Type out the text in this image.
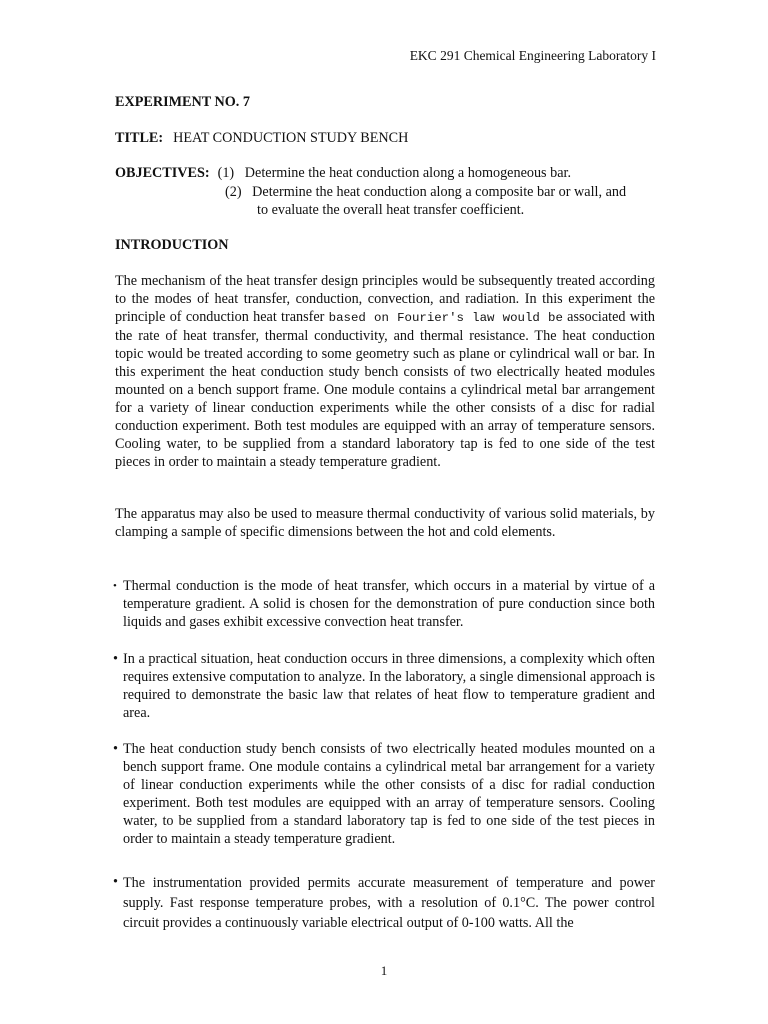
EKC 291 Chemical Engineering Laboratory I
EXPERIMENT NO. 7
TITLE: HEAT CONDUCTION STUDY BENCH
OBJECTIVES: (1)   Determine the heat conduction along a homogeneous bar.
(2)   Determine the heat conduction along a composite bar or wall, and
to evaluate the overall heat transfer coefficient.
INTRODUCTION

The mechanism of the heat transfer design principles would be subsequently treated according to the modes of heat transfer, conduction, convection, and radiation. In this experiment the principle of conduction heat transfer based on Fourier's law would be associated with the rate of heat transfer, thermal conductivity, and thermal resistance. The heat conduction topic would be treated according to some geometry such as plane or cylindrical wall or bar. In this experiment the heat conduction study bench consists of two electrically heated modules mounted on a bench support frame. One module contains a cylindrical metal bar arrangement for a variety of linear conduction experiments while the other consists of a disc for radial conduction experiment. Both test modules are equipped with an array of temperature sensors. Cooling water, to be supplied from a standard laboratory tap is fed to one side of the test pieces in order to maintain a steady temperature gradient.

The apparatus may also be used to measure thermal conductivity of various solid materials, by clamping a sample of specific dimensions between the hot and cold elements.

• Thermal conduction is the mode of heat transfer, which occurs in a material by virtue of a temperature gradient. A solid is chosen for the demonstration of pure conduction since both liquids and gases exhibit excessive convection heat transfer.
• In a practical situation, heat conduction occurs in three dimensions, a complexity which often requires extensive computation to analyze. In the laboratory, a single dimensional approach is required to demonstrate the basic law that relates of heat flow to temperature gradient and area.
• The heat conduction study bench consists of two electrically heated modules mounted on a bench support frame. One module contains a cylindrical metal bar arrangement for a variety of linear conduction experiments while the other consists of a disc for radial conduction experiment. Both test modules are equipped with an array of temperature sensors. Cooling water, to be supplied from a standard laboratory tap is fed to one side of the test pieces in order to maintain a steady temperature gradient.
• The instrumentation provided permits accurate measurement of temperature and power supply. Fast response temperature probes, with a resolution of 0.1°C. The power control circuit provides a continuously variable electrical output of 0-100 watts. All the
1
